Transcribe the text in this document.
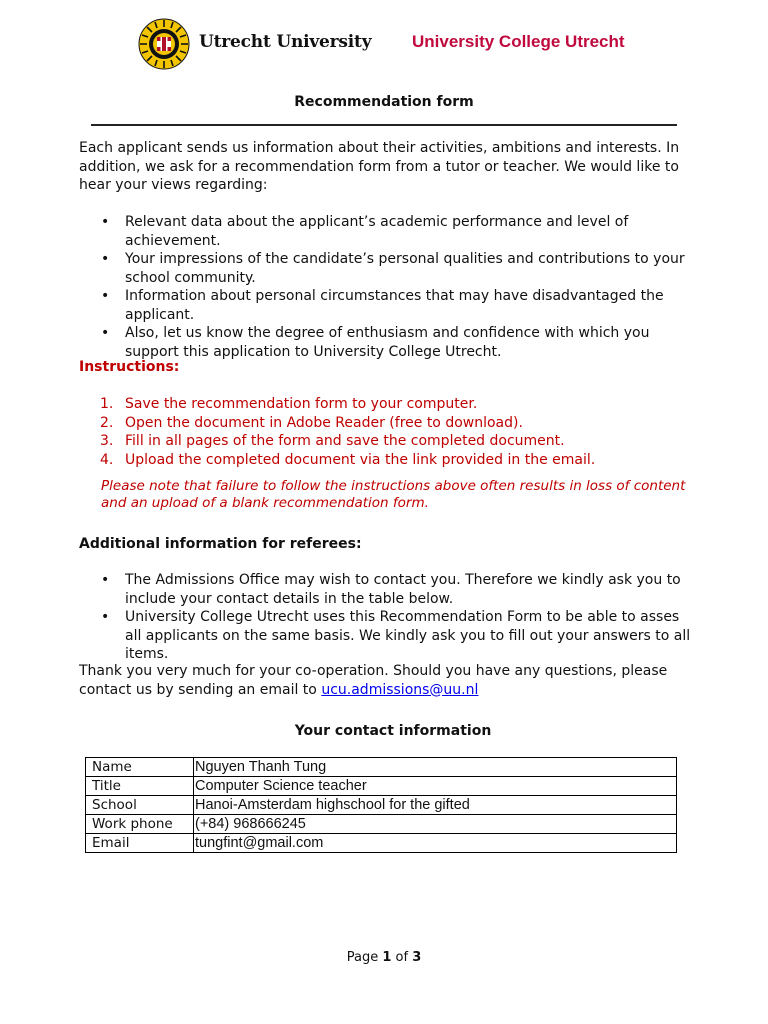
Utrecht University University College Utrecht
Recommendation form
Each applicant sends us information about their activities, ambitions and interests. In addition, we ask for a recommendation form from a tutor or teacher. We would like to hear your views regarding:
• Relevant data about the applicant’s academic performance and level of achievement.
• Your impressions of the candidate’s personal qualities and contributions to your school community.
• Information about personal circumstances that may have disadvantaged the applicant.
• Also, let us know the degree of enthusiasm and confidence with which you support this application to University College Utrecht.
Instructions:
1. Save the recommendation form to your computer.
2. Open the document in Adobe Reader (free to download).
3. Fill in all pages of the form and save the completed document.
4. Upload the completed document via the link provided in the email.
Please note that failure to follow the instructions above often results in loss of content and an upload of a blank recommendation form.
Additional information for referees:
• The Admissions Office may wish to contact you. Therefore we kindly ask you to include your contact details in the table below.
• University College Utrecht uses this Recommendation Form to be able to asses all applicants on the same basis. We kindly ask you to fill out your answers to all items.
Thank you very much for your co-operation. Should you have any questions, please contact us by sending an email to ucu.admissions@uu.nl
Your contact information
Name	Nguyen Thanh Tung
Title	Computer Science teacher
School	Hanoi-Amsterdam highschool for the gifted
Work phone	(+84) 968666245
Email	tungfint@gmail.com
Page 1 of 3
